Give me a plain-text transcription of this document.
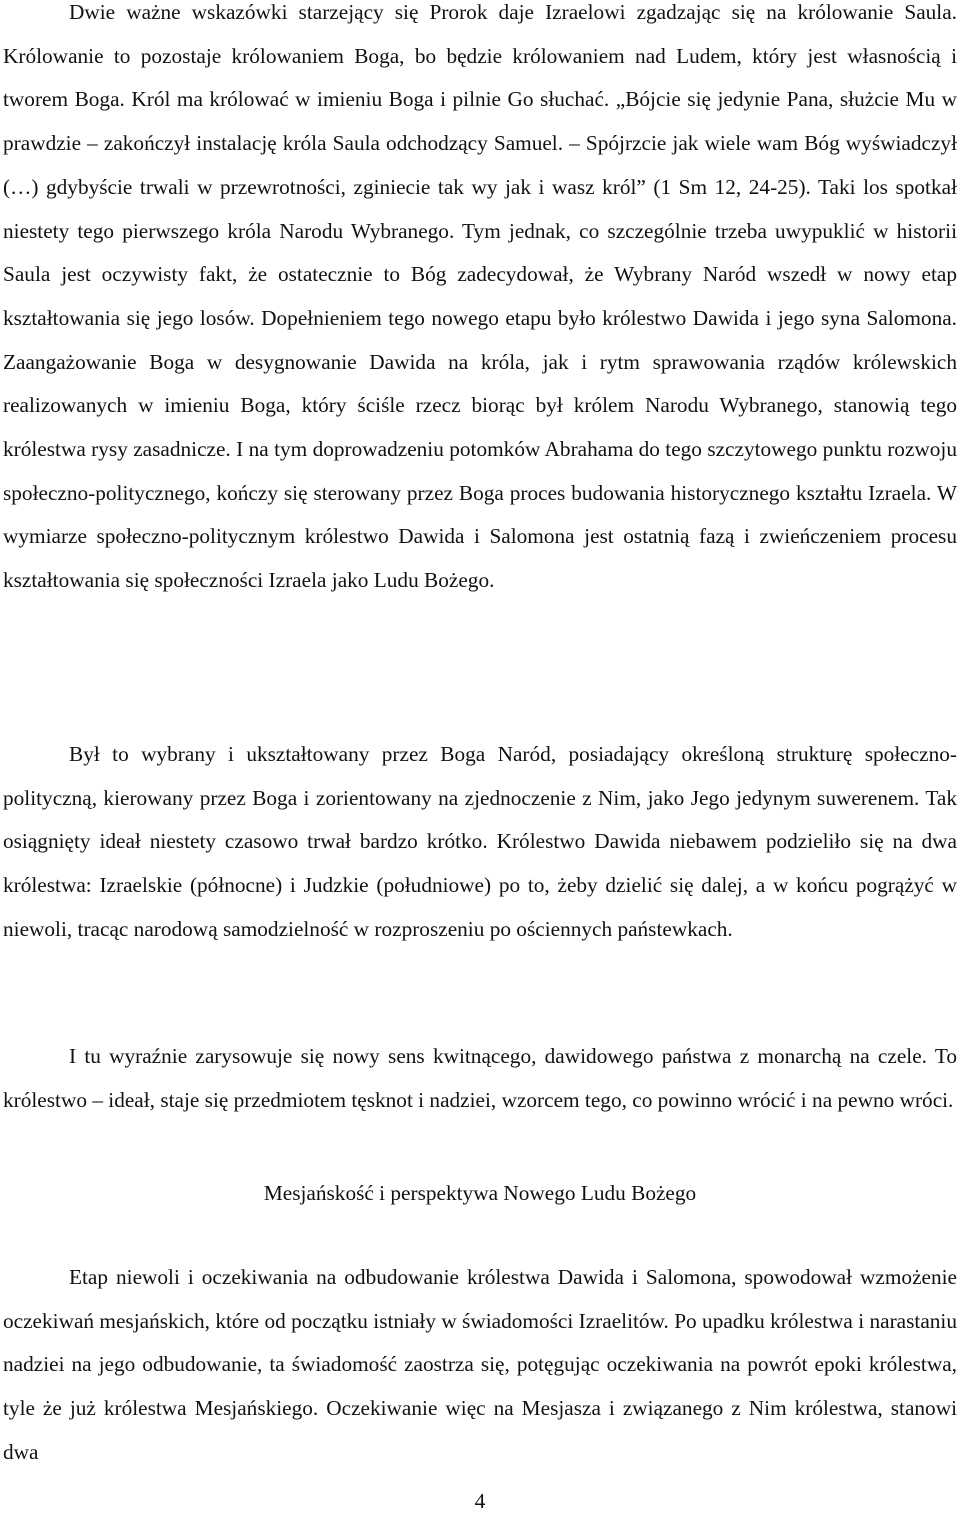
Dwie ważne wskazówki starzejący się Prorok daje Izraelowi zgadzając się na królowanie Saula. Królowanie to pozostaje królowaniem Boga, bo będzie królowaniem nad Ludem, który jest własnością i tworem Boga. Król ma królować w imieniu Boga i pilnie Go słuchać. „Bójcie się jedynie Pana, służcie Mu w prawdzie – zakończył instalację króla Saula odchodzący Samuel. – Spójrzcie jak wiele wam Bóg wyświadczył (…) gdybyście trwali w przewrotności, zginiecie tak wy jak i wasz król” (1 Sm 12, 24-25). Taki los spotkał niestety tego pierwszego króla Narodu Wybranego. Tym jednak, co szczególnie trzeba uwypuklić w historii Saula jest oczywisty fakt, że ostatecznie to Bóg zadecydował, że Wybrany Naród wszedł w nowy etap kształtowania się jego losów. Dopełnieniem tego nowego etapu było królestwo Dawida i jego syna Salomona. Zaangażowanie Boga w desygnowanie Dawida na króla, jak i rytm sprawowania rządów królewskich realizowanych w imieniu Boga, który ściśle rzecz biorąc był królem Narodu Wybranego, stanowią tego królestwa rysy zasadnicze. I na tym doprowadzeniu potomków Abrahama do tego szczytowego punktu rozwoju społeczno-politycznego, kończy się sterowany przez Boga proces budowania historycznego kształtu Izraela. W wymiarze społeczno-politycznym królestwo Dawida i Salomona jest ostatnią fazą i zwieńczeniem procesu kształtowania się społeczności Izraela jako Ludu Bożego.

Był to wybrany i ukształtowany przez Boga Naród, posiadający określoną strukturę społeczno-polityczną, kierowany przez Boga i zorientowany na zjednoczenie z Nim, jako Jego jedynym suwerenem. Tak osiągnięty ideał niestety czasowo trwał bardzo krótko. Królestwo Dawida niebawem podzieliło się na dwa królestwa: Izraelskie (północne) i Judzkie (południowe) po to, żeby dzielić się dalej, a w końcu pogrążyć w niewoli, tracąc narodową samodzielność w rozproszeniu po ościennych państewkach.

I tu wyraźnie zarysowuje się nowy sens kwitnącego, dawidowego państwa z monarchą na czele. To królestwo – ideał, staje się przedmiotem tęsknot i nadziei, wzorcem tego, co powinno wrócić i na pewno wróci.

Mesjańskość i perspektywa Nowego Ludu Bożego

Etap niewoli i oczekiwania na odbudowanie królestwa Dawida i Salomona, spowodował wzmożenie oczekiwań mesjańskich, które od początku istniały w świadomości Izraelitów. Po upadku królestwa i narastaniu nadziei na jego odbudowanie, ta świadomość zaostrza się, potęgując oczekiwania na powrót epoki królestwa, tyle że już królestwa Mesjańskiego. Oczekiwanie więc na Mesjasza i związanego z Nim królestwa, stanowi dwa

4
